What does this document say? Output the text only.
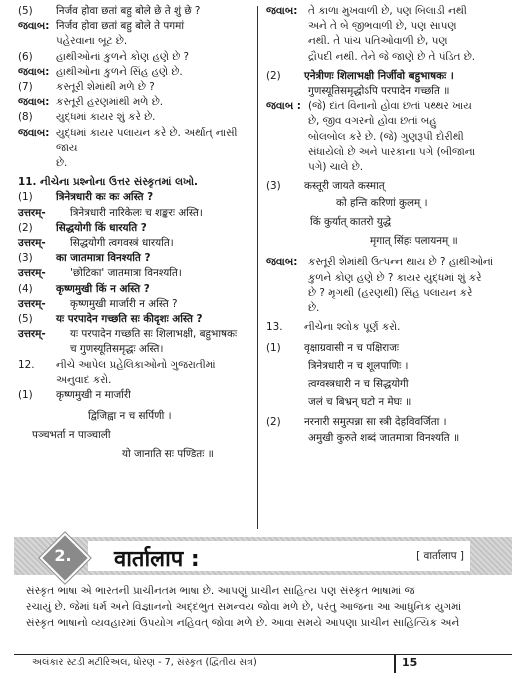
(5)	निर्जव होवा छतां बहु बोले छे ते शुं छे ?
જવાબ: निर्जव होवा छतां बहु बोले ते पगमां
પહેરવાના બૂટ છે.
(6)	હાથીઓનાં કુળને કોણ હણે છે ?
જવાબ: હાથીઓના કુળને સિંહ હણે છે.
(7)	કસ્તૂરી શેમાંથી મળે છે ?
જવાબ: કસ્તૂરી હરણમાંથી મળે છે.
(8)	યુદ્ધમાં કાયર શું કરે છે.
જવાબ: યુદ્ધમાં કાયર પલાયન કરે છે. અર્થાત્ નાસી જાય
છે.
11. નીચેના પ્રશ્નોના ઉત્તર સંસ્કૃતમાં લખો.
(1)	त्रिनेत्रधारी कः कः अस्ति ?
उत्तरम्-	त्रिनेत्रधारी नारिकेलः च शङ्करः अस्ति।
(2)	सिद्धयोगी किं धारयति ?
उत्तरम्-	सिद्धयोगी त्वगवस्त्रं धारयति।
(3)	का जातमात्रा विनश्यति ?
उत्तरम्-	'छोटिका' जातमात्रा विनश्यति।
(4)	कृष्णमुखी किं न अस्ति ?
उत्तरम्-	कृष्णमुखी मार्जारी न अस्ति ?
(5)	यः परपादेन गच्छति सः कीदृशः अस्ति ?
उत्तरम्-	यः परपादेन गच्छति सः शिलाभक्षी, बहुभाषकः
च गुणस्यूतिसमृद्धः अस्ति।
12.	નીચે આપેલ પ્રહેલિકાઓનો ગુજરાતીમાં
અનુવાદ કરો.
(1)	कृष्णमुखी न मार्जारी
द्विजिह्वा न च सर्पिणी ।
पञ्चभर्ता न पाञ्चाली
यो जानाति सः पण्डितः ॥
જવાબ:	તે કાળા મુખવાળી છે, પણ બિલાડી નથી
અને તે બે જીભવાળી છે, પણ સાપણ
નથી. તે પાંચ પતિઓવાળી છે, પણ
દ્રૌપદી નથી. તેને જે જાણે છે તે પંડિત છે.
(2)	एनेत्रीणः शिलाभक्षी निर्जीवो बहुभाषकः ।
गुणस्यूतिसमृद्धोऽपि परपादेन गच्छति ॥
જવાબ : (જે) દાંત વિનાનો હોવા છતાં પથ્થર ખાય
છે, જીવ વગરનો હોવા છતાં બહુ
બોલબોલ કરે છે. (જે) ગુણરૂપી દોરીથી
સંધાયેલો છે અને પારકાના પગે (બીજાના
પગે) ચાલે છે.
(3)	कस्तूरी जायते कस्मात्
को हन्ति करिणां कुलम् ।
किं कुर्यात् कातरो युद्धे
मृगात् सिंहः पलायनम् ॥
જવાબ:	કસ્તૂરી શેમાંથી ઉત્પન્ન થાય છે ? હાથીઓનાં
કુળને કોણ હણે છે ? કાયર યુદ્ધમાં શું કરે
છે ? મૃગથી (હરણથી) સિંહ પલાયન કરે
છે.
13.	નીચેના શ્લોક પૂર્ણ કરો.
(1)	वृक्षाग्रवासी न च पक्षिराजः
त्रिनेत्रधारी न च शूलपाणिः ।
त्वग्वस्त्रधारी न च सिद्धयोगी
जलं च बिभ्रन् घटो न मेघः ॥
(2)	नरनारी समुत्पन्ना सा स्त्री देहविवर्जिता ।
अमुखी कुरुते शब्दं जातमात्रा विनश्यति ॥
2.	वार्तालाप :	[ वार्तालाप ]
સંસ્કૃત ભાષા એ ભારતની પ્રાચીનતમ ભાષા છે. આપણું પ્રાચીન સાહિત્ય પણ સંસ્કૃત ભાષામાં જ
રચાયું છે. જેમાં ધર્મ અને વિજ્ઞાનનો અદ્દભુત સમન્વય જોવા મળે છે, પરંતુ આજના આ આધુનિક યુગમાં
સંસ્કૃત ભાષાનો વ્યવહારમાં ઉપયોગ નહિવત્ જોવા મળે છે. આવા સમયે આપણા પ્રાચીન સાહિત્યિક અને
અલંકાર સ્ટડી મટીરિઅલ, ધોરણ - 7, સંસ્કૃત (દ્વિતીય સત્ર)	15
